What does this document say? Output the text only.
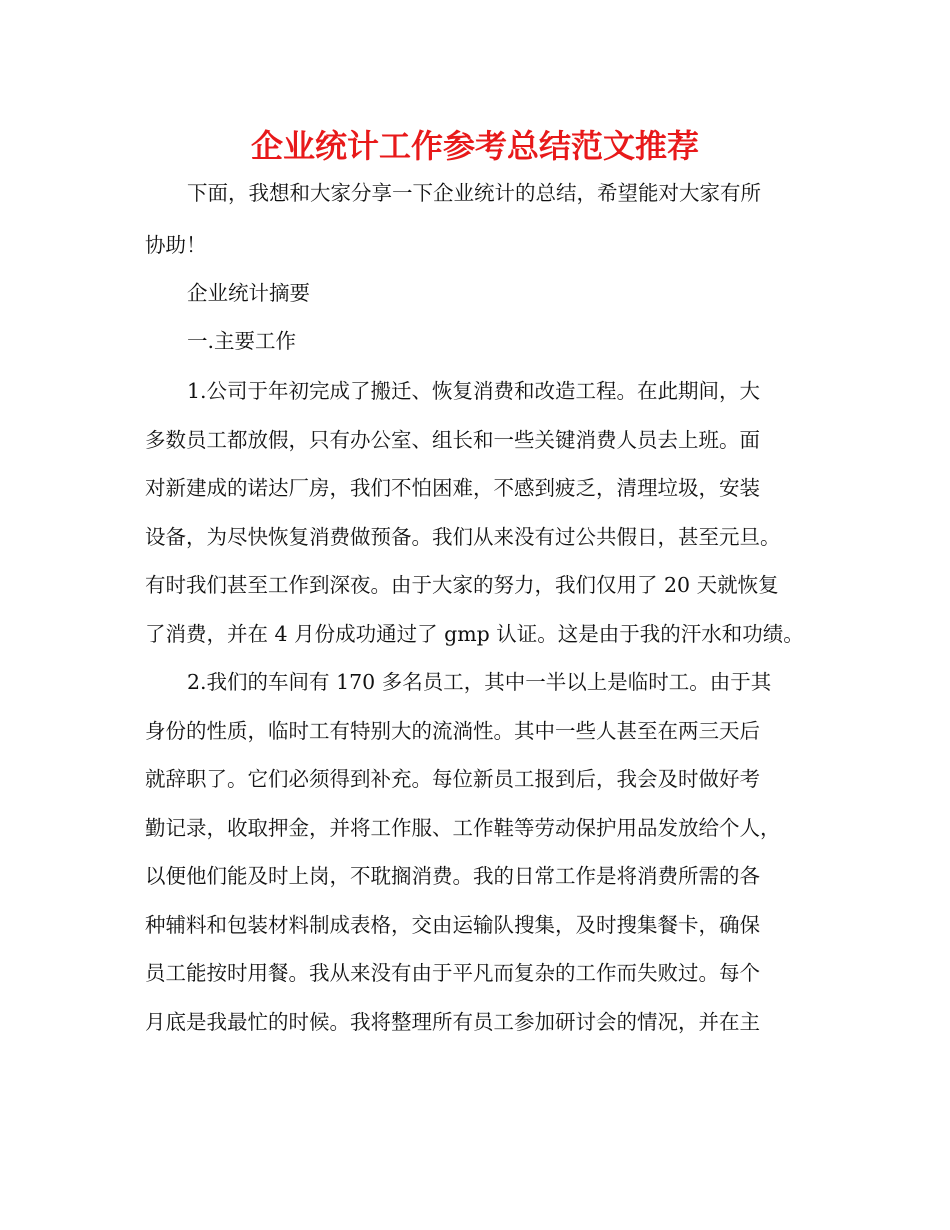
企业统计工作参考总结范文推荐
下面，我想和大家分享一下企业统计的总结，希望能对大家有所
协助！
企业统计摘要
一.主要工作
1.公司于年初完成了搬迁、恢复消费和改造工程。在此期间，大
多数员工都放假，只有办公室、组长和一些关键消费人员去上班。面
对新建成的诺达厂房，我们不怕困难，不感到疲乏，清理垃圾，安装
设备，为尽快恢复消费做预备。我们从来没有过公共假日，甚至元旦。
有时我们甚至工作到深夜。由于大家的努力，我们仅用了 20 天就恢复
了消费，并在 4 月份成功通过了 gmp 认证。这是由于我的汗水和功绩。
2.我们的车间有 170 多名员工，其中一半以上是临时工。由于其
身份的性质，临时工有特别大的流淌性。其中一些人甚至在两三天后
就辞职了。它们必须得到补充。每位新员工报到后，我会及时做好考
勤记录，收取押金，并将工作服、工作鞋等劳动保护用品发放给个人，
以便他们能及时上岗，不耽搁消费。我的日常工作是将消费所需的各
种辅料和包装材料制成表格，交由运输队搜集，及时搜集餐卡，确保
员工能按时用餐。我从来没有由于平凡而复杂的工作而失败过。每个
月底是我最忙的时候。我将整理所有员工参加研讨会的情况，并在主
